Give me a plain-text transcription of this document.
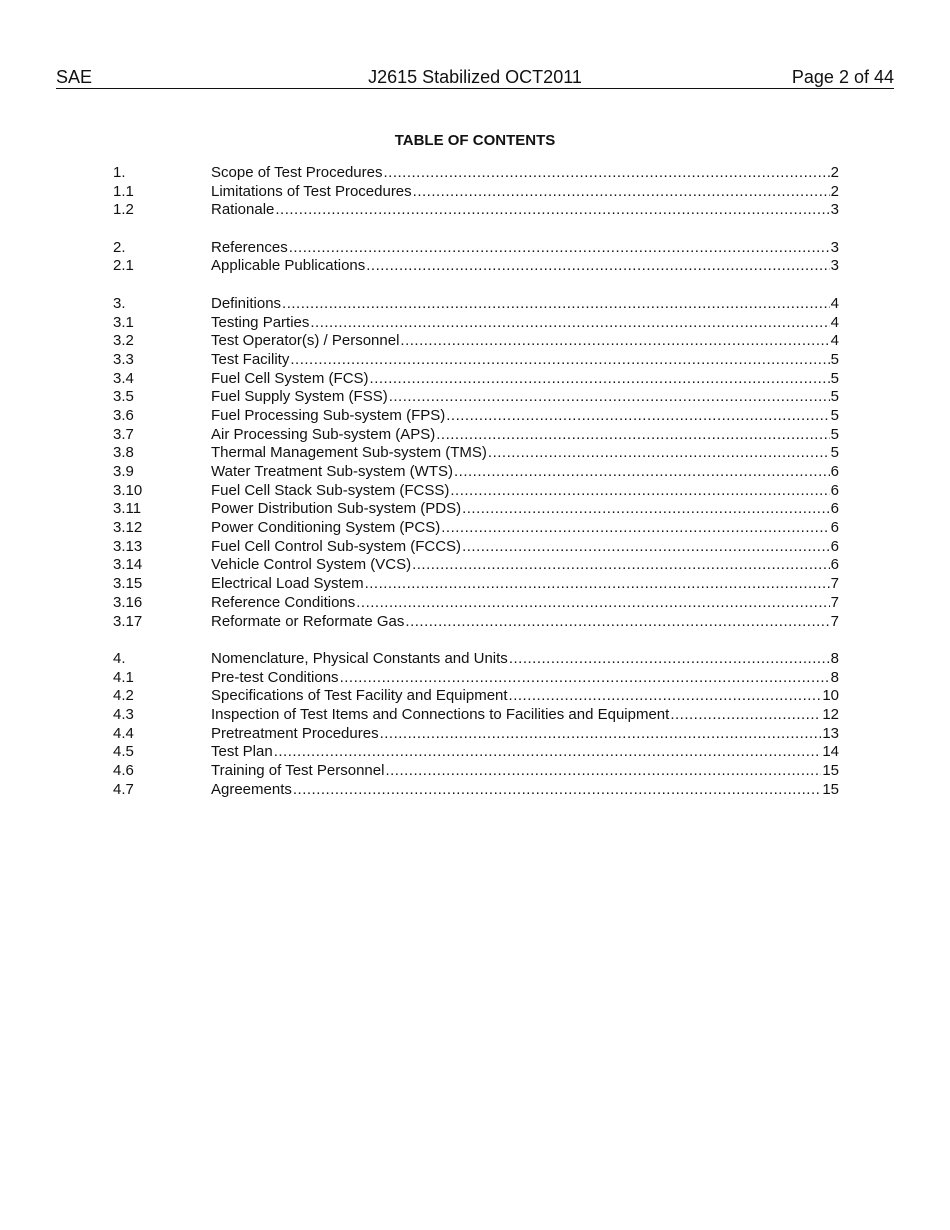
J2615 Stabilized OCT2011
SAE	Page 2 of 44
TABLE OF CONTENTS
1.	Scope of Test Procedures .....	2
1.1	Limitations of Test Procedures .....	2
1.2	Rationale .....	3
2.	References .....	3
2.1	Applicable Publications .....	3
3.	Definitions .....	4
3.1	Testing Parties .....	4
3.2	Test Operator(s) / Personnel .....	4
3.3	Test Facility .....	5
3.4	Fuel Cell System (FCS) .....	5
3.5	Fuel Supply System (FSS) .....	5
3.6	Fuel Processing Sub-system (FPS) .....	5
3.7	Air Processing Sub-system (APS) .....	5
3.8	Thermal Management Sub-system (TMS) .....	5
3.9	Water Treatment Sub-system (WTS) .....	6
3.10	Fuel Cell Stack Sub-system (FCSS) .....	6
3.11	Power Distribution Sub-system (PDS) .....	6
3.12	Power Conditioning System (PCS) .....	6
3.13	Fuel Cell Control Sub-system (FCCS) .....	6
3.14	Vehicle Control System (VCS) .....	6
3.15	Electrical Load System .....	7
3.16	Reference Conditions .....	7
3.17	Reformate or Reformate Gas .....	7
4.	Nomenclature, Physical Constants and Units .....	8
4.1	Pre-test Conditions .....	8
4.2	Specifications of Test Facility and Equipment .....	10
4.3	Inspection of Test Items and Connections to Facilities and Equipment .....	12
4.4	Pretreatment Procedures .....	13
4.5	Test Plan .....	14
4.6	Training of Test Personnel .....	15
4.7	Agreements .....	15
